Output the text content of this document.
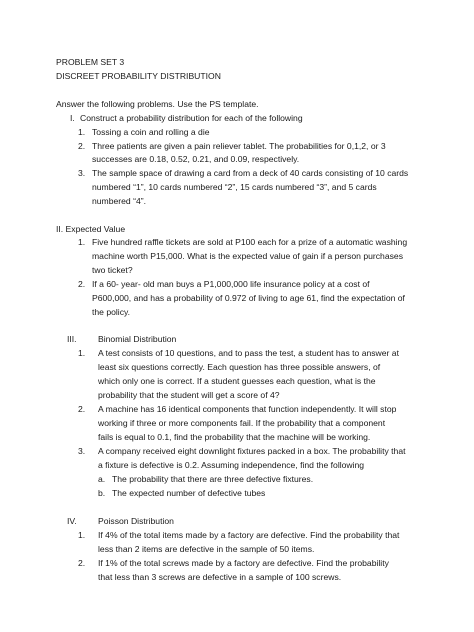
PROBLEM SET 3
DISCREET PROBABILITY DISTRIBUTION
Answer the following problems. Use the PS template.
I. Construct a probability distribution for each of the following
1. Tossing a coin and rolling a die
2. Three patients are given a pain reliever tablet. The probabilities for 0,1,2, or 3
successes are 0.18, 0.52, 0.21, and 0.09, respectively.
3. The sample space of drawing a card from a deck of 40 cards consisting of 10 cards
numbered “1”, 10 cards numbered “2”, 15 cards numbered “3”, and 5 cards
numbered “4”.
II. Expected Value
1. Five hundred raffle tickets are sold at P100 each for a prize of a automatic washing
machine worth P15,000. What is the expected value of gain if a person purchases
two ticket?
2. If a 60- year- old man buys a P1,000,000 life insurance policy at a cost of
P600,000, and has a probability of 0.972 of living to age 61, find the expectation of
the policy.
III. Binomial Distribution
1. A test consists of 10 questions, and to pass the test, a student has to answer at
least six questions correctly. Each question has three possible answers, of
which only one is correct. If a student guesses each question, what is the
probability that the student will get a score of 4?
2. A machine has 16 identical components that function independently. It will stop
working if three or more components fail. If the probability that a component
fails is equal to 0.1, find the probability that the machine will be working.
3. A company received eight downlight fixtures packed in a box. The probability that
a fixture is defective is 0.2. Assuming independence, find the following
a. The probability that there are three defective fixtures.
b. The expected number of defective tubes
IV. Poisson Distribution
1. If 4% of the total items made by a factory are defective. Find the probability that
less than 2 items are defective in the sample of 50 items.
2. If 1% of the total screws made by a factory are defective. Find the probability
that less than 3 screws are defective in a sample of 100 screws.
